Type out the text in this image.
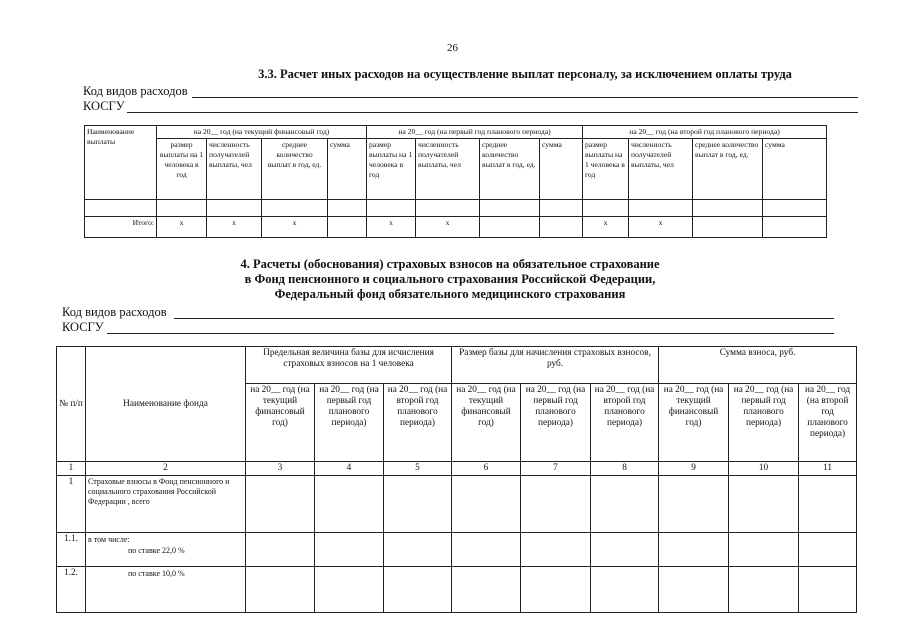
26
3.3. Расчет иных расходов на осуществление выплат персоналу, за исключением оплаты труда
Код видов расходов
КОСГУ
Наименование выплаты	на 20__ год (на текущий финансовый год)				на 20__ год (на первый год планового периода)				на 20__ год (на второй год планового периода)			
	размер выплаты на 1 человека в год	численность получателей выплаты, чел	среднее количество выплат в год, ед.	сумма	размер выплаты на 1 человека в год	численность получателей выплаты, чел	среднее количество выплат в год, ед.	сумма	размер выплаты на 1 человека в год	численность получателей выплаты, чел	среднее количество выплат в год, ед.	сумма

Итого:	x	x	x		x	x			x	x		
4. Расчеты (обоснования) страховых взносов на обязательное страхование
в Фонд пенсионного и социального страхования Российской Федерации,
Федеральный фонд обязательного медицинского страхования
Код видов расходов
КОСГУ
№ п/п	Наименование фонда	Предельная величина базы для исчисления страховых взносов на 1 человека			Размер базы для начисления страховых взносов, руб.			Сумма взноса, руб.		
		на 20__ год (на текущий финансовый год)	на 20__ год (на первый год планового периода)	на 20__ год (на второй год планового периода)	на 20__ год (на текущий финансовый год)	на 20__ год (на первый год планового периода)	на 20__ год (на второй год планового периода)	на 20__ год (на текущий финансовый год)	на 20__ год (на первый год планового периода)	на 20__ год (на второй год планового периода)
1	2	3	4	5	6	7	8	9	10	11
1	Страховые взносы в Фонд пенсионного и социального страхования Российской Федерации , всего									
1.1.	в том числе:
по ставке 22,0 %									

1.2.	по ставке 10,0 %									
